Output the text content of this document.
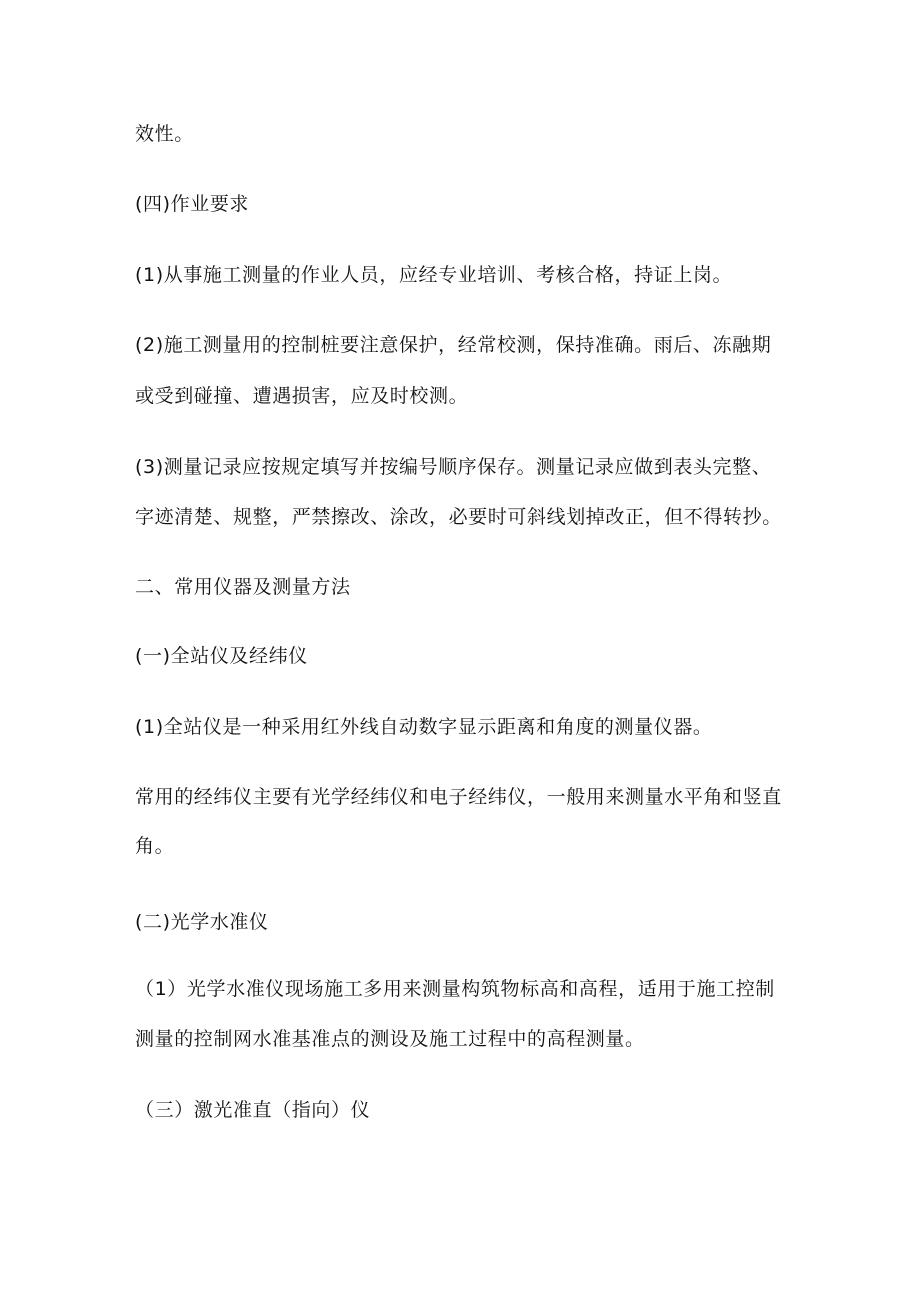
效性。
(四)作业要求
(1)从事施工测量的作业人员，应经专业培训、考核合格，持证上岗。
(2)施工测量用的控制桩要注意保护，经常校测，保持准确。雨后、冻融期
或受到碰撞、遭遇损害，应及时校测。
(3)测量记录应按规定填写并按编号顺序保存。测量记录应做到表头完整、
字迹清楚、规整，严禁擦改、涂改，必要时可斜线划掉改正，但不得转抄。
二、常用仪器及测量方法
(一)全站仪及经纬仪
(1)全站仪是一种采用红外线自动数字显示距离和角度的测量仪器。
常用的经纬仪主要有光学经纬仪和电子经纬仪，一般用来测量水平角和竖直
角。
(二)光学水准仪
（1）光学水准仪现场施工多用来测量构筑物标高和高程，适用于施工控制
测量的控制网水准基准点的测设及施工过程中的高程测量。
（三）激光准直（指向）仪
